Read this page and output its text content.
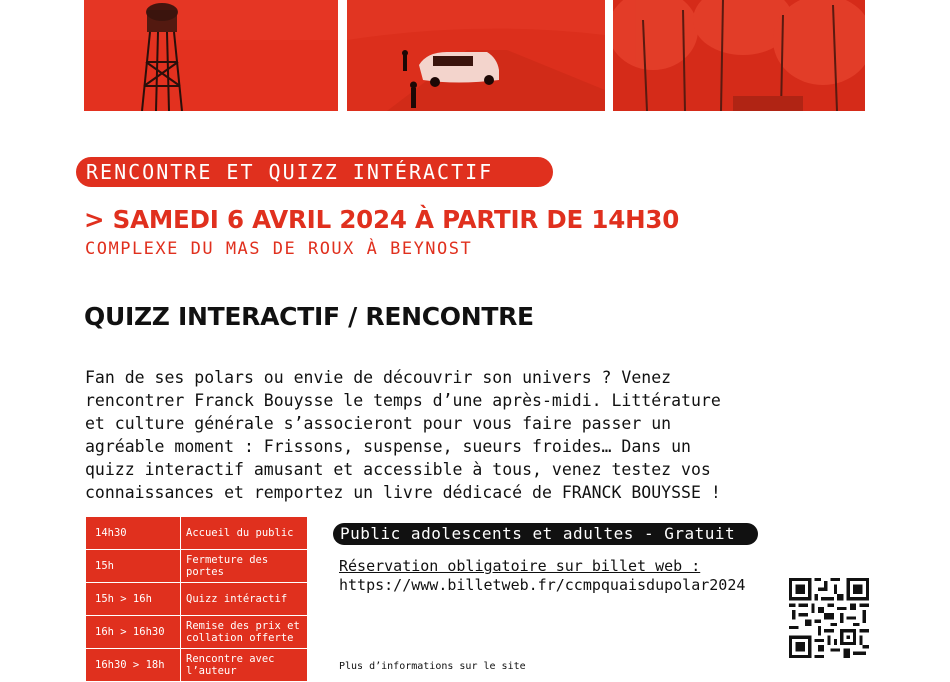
RENCONTRE ET QUIZZ INTÉRACTIF
> SAMEDI 6 AVRIL 2024 À PARTIR DE 14H30
COMPLEXE DU MAS DE ROUX À BEYNOST
QUIZZ INTERACTIF / RENCONTRE
Fan de ses polars ou envie de découvrir son univers ? Venez
rencontrer Franck Bouysse le temps d’une après-midi. Littérature
et culture générale s’associeront pour vous faire passer un
agréable moment : Frissons, suspense, sueurs froides… Dans un
quizz interactif amusant et accessible à tous, venez testez vos
connaissances et remportez un livre dédicacé de FRANCK BOUYSSE !
14h30	Accueil du public
15h	Fermeture des portes
15h > 16h	Quizz intéractif
16h > 16h30	Remise des prix et collation offerte
16h30 > 18h	Rencontre avec l’auteur
Public adolescents et adultes - Gratuit
Réservation obligatoire sur billet web :
https://www.billetweb.fr/ccmpquaisdupolar2024
Plus d’informations sur le site
